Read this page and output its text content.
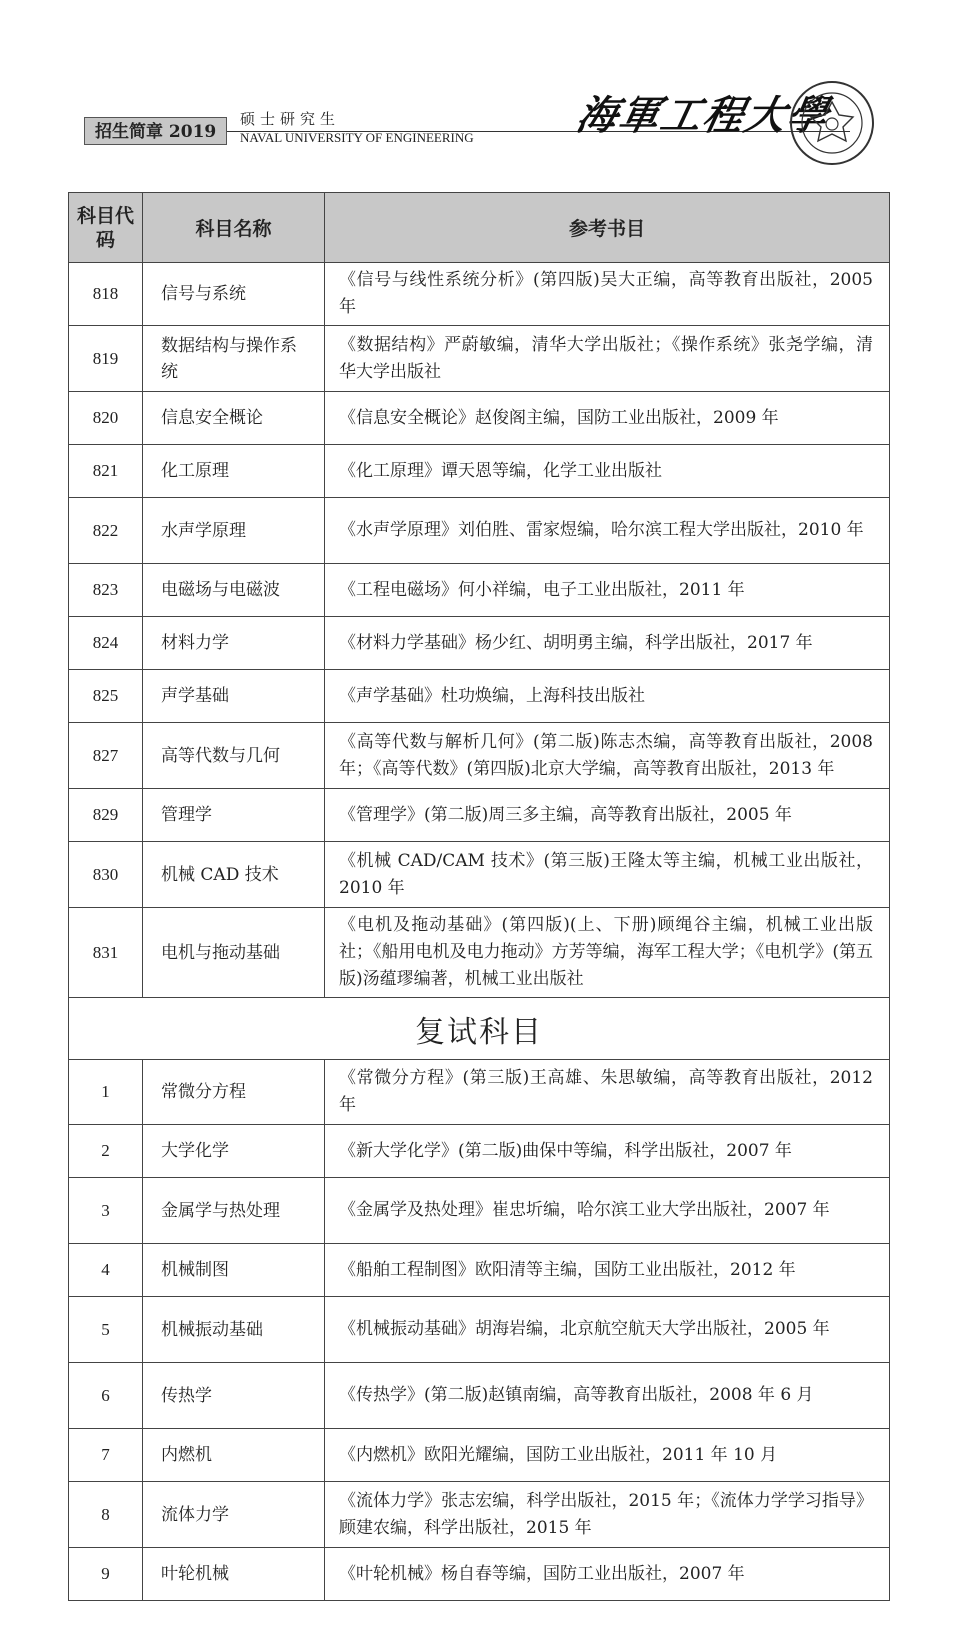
招生简章 2019
硕士研究生
NAVAL UNIVERSITY OF ENGINEERING 海軍工程大學
科目代码	科目名称	参考书目
818	信号与系统	《信号与线性系统分析》(第四版)吴大正编，高等教育出版社，2005 年
819	数据结构与操作系统	《数据结构》严蔚敏编，清华大学出版社；《操作系统》张尧学编，清华大学出版社
820	信息安全概论	《信息安全概论》赵俊阁主编，国防工业出版社，2009 年
821	化工原理	《化工原理》谭天恩等编，化学工业出版社
822	水声学原理	《水声学原理》刘伯胜、雷家煜编，哈尔滨工程大学出版社，2010 年
823	电磁场与电磁波	《工程电磁场》何小祥编，电子工业出版社，2011 年
824	材料力学	《材料力学基础》杨少红、胡明勇主编，科学出版社，2017 年
825	声学基础	《声学基础》杜功焕编，上海科技出版社
827	高等代数与几何	《高等代数与解析几何》(第二版)陈志杰编，高等教育出版社，2008 年；《高等代数》(第四版)北京大学编，高等教育出版社，2013 年
829	管理学	《管理学》(第二版)周三多主编，高等教育出版社，2005 年
830	机械 CAD 技术	《机械 CAD/CAM 技术》(第三版)王隆太等主编，机械工业出版社，2010 年
831	电机与拖动基础	《电机及拖动基础》(第四版)(上、下册)顾绳谷主编，机械工业出版社；《船用电机及电力拖动》方芳等编，海军工程大学；《电机学》(第五版)汤蕴璆编著，机械工业出版社
复试科目		
1	常微分方程	《常微分方程》(第三版)王高雄、朱思敏编，高等教育出版社，2012 年
2	大学化学	《新大学化学》(第二版)曲保中等编，科学出版社，2007 年
3	金属学与热处理	《金属学及热处理》崔忠圻编，哈尔滨工业大学出版社，2007 年
4	机械制图	《船舶工程制图》欧阳清等主编，国防工业出版社，2012 年
5	机械振动基础	《机械振动基础》胡海岩编，北京航空航天大学出版社，2005 年
6	传热学	《传热学》(第二版)赵镇南编，高等教育出版社，2008 年 6 月
7	内燃机	《内燃机》欧阳光耀编，国防工业出版社，2011 年 10 月
8	流体力学	《流体力学》张志宏编，科学出版社，2015 年；《流体力学学习指导》顾建农编，科学出版社，2015 年
9	叶轮机械	《叶轮机械》杨自春等编，国防工业出版社，2007 年
